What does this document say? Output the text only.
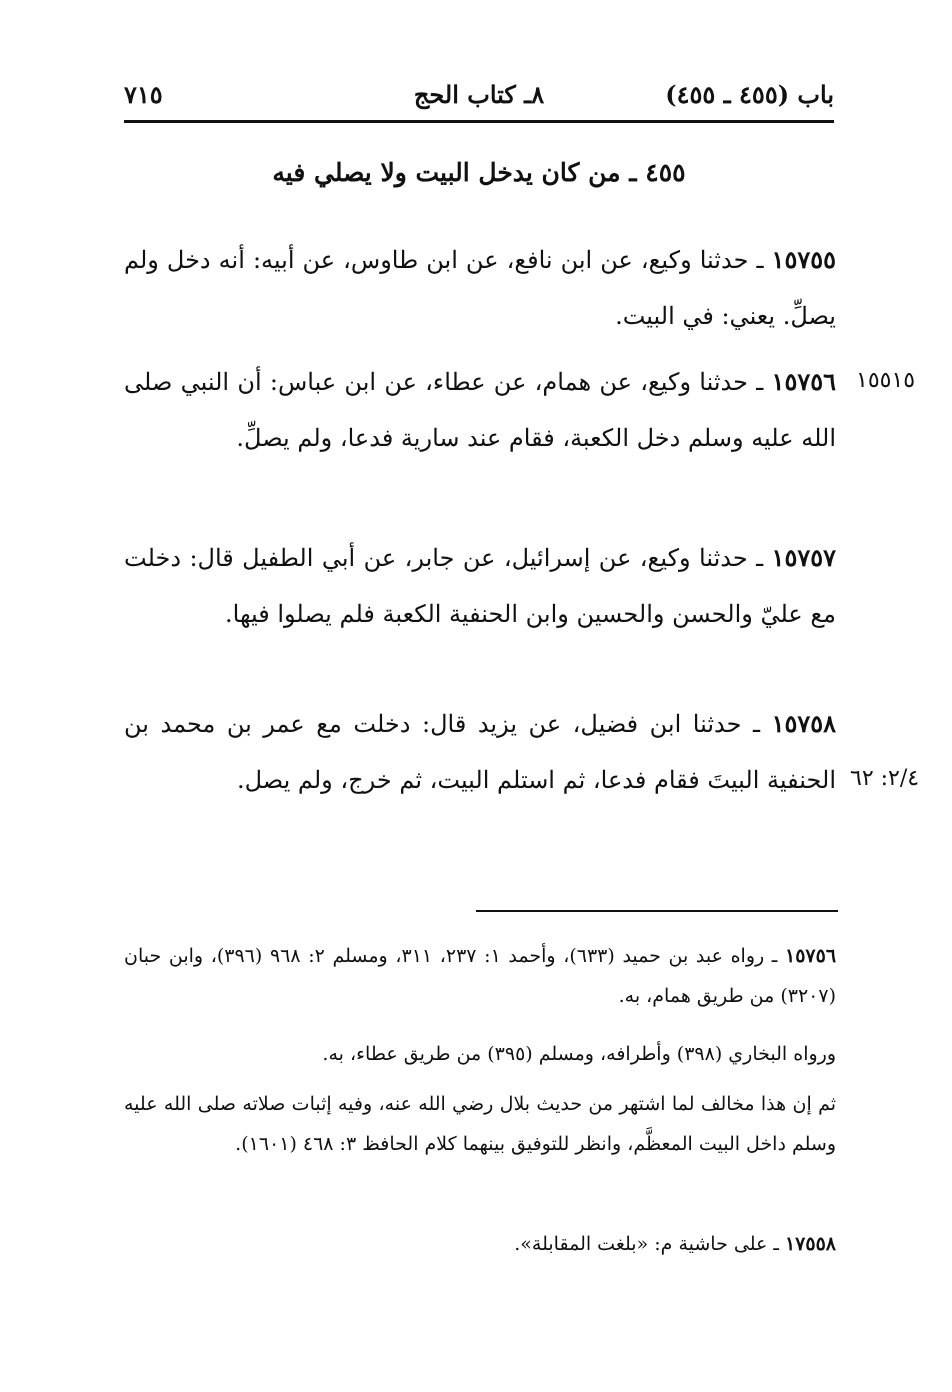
باب (٤٥٥ ـ ٤٥٥)
٨ـ كتاب الحج
٧١٥
٤٥٥ ـ من كان يدخل البيت ولا يصلي فيه
١٥٧٥٥ ـ حدثنا وكيع، عن ابن نافع، عن ابن طاوس، عن أبيه: أنه دخل ولم يصلِّ. يعني: في البيت.
١٥٥١٥
١٥٧٥٦ ـ حدثنا وكيع، عن همام، عن عطاء، عن ابن عباس: أن النبي صلى الله عليه وسلم دخل الكعبة، فقام عند سارية فدعا، ولم يصلِّ.
١٥٧٥٧ ـ حدثنا وكيع، عن إسرائيل، عن جابر، عن أبي الطفيل قال: دخلت مع عليّ والحسن والحسين وابن الحنفية الكعبة فلم يصلوا فيها.
٢/٤: ٦٢
١٥٧٥٨ ـ حدثنا ابن فضيل، عن يزيد قال: دخلت مع عمر بن محمد بن الحنفية البيتَ فقام فدعا، ثم استلم البيت، ثم خرج، ولم يصل.
١٥٧٥٦ ـ رواه عبد بن حميد (٦٣٣)، وأحمد ١: ٢٣٧، ٣١١، ومسلم ٢: ٩٦٨ (٣٩٦)، وابن حبان (٣٢٠٧) من طريق همام، به.
ورواه البخاري (٣٩٨) وأطرافه، ومسلم (٣٩٥) من طريق عطاء، به.
ثم إن هذا مخالف لما اشتهر من حديث بلال رضي الله عنه، وفيه إثبات صلاته صلى الله عليه وسلم داخل البيت المعظَّم، وانظر للتوفيق بينهما كلام الحافظ ٣: ٤٦٨ (١٦٠١).
١٧٥٥٨ ـ على حاشية م: «بلغت المقابلة».
